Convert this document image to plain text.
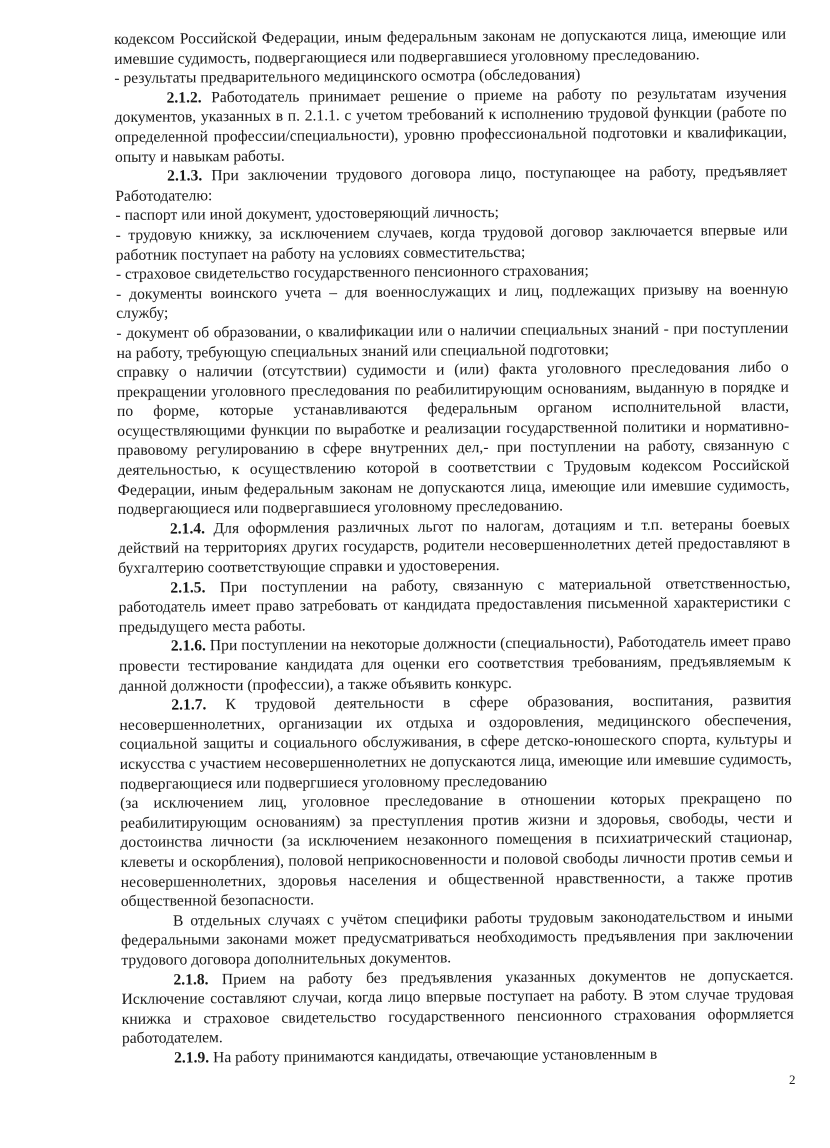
кодексом Российской Федерации, иным федеральным законам не допускаются лица, имеющие или имевшие судимость, подвергающиеся или подвергавшиеся уголовному преследованию.

- результаты предварительного медицинского осмотра (обследования)

2.1.2. Работодатель принимает решение о приеме на работу по результатам изучения документов, указанных в п. 2.1.1. с учетом требований к исполнению трудовой функции (работе по определенной профессии/специальности), уровню профессиональной подготовки и квалификации, опыту и навыкам работы.

2.1.3. При заключении трудового договора лицо, поступающее на работу, предъявляет Работодателю:

- паспорт или иной документ, удостоверяющий личность;

- трудовую книжку, за исключением случаев, когда трудовой договор заключается впервые или работник поступает на работу на условиях совместительства;

- страховое свидетельство государственного пенсионного страхования;

- документы воинского учета – для военнослужащих и лиц, подлежащих призыву на военную службу;

- документ об образовании, о квалификации или о наличии специальных знаний - при поступлении на работу, требующую специальных знаний или специальной подготовки;

справку о наличии (отсутствии) судимости и (или) факта уголовного преследования либо о прекращении уголовного преследования по реабилитирующим основаниям, выданную в порядке и по форме, которые устанавливаются федеральным органом исполнительной власти, осуществляющими функции по выработке и реализации государственной политики и нормативно-правовому регулированию в сфере внутренних дел,- при поступлении на работу, связанную с деятельностью, к осуществлению которой в соответствии с Трудовым кодексом Российской Федерации, иным федеральным законам не допускаются лица, имеющие или имевшие судимость, подвергающиеся или подвергавшиеся уголовному преследованию.

2.1.4. Для оформления различных льгот по налогам, дотациям и т.п. ветераны боевых действий на территориях других государств, родители несовершеннолетних детей предоставляют в бухгалтерию соответствующие справки и удостоверения.

2.1.5. При поступлении на работу, связанную с материальной ответственностью, работодатель имеет право затребовать от кандидата предоставления письменной характеристики с предыдущего места работы.

2.1.6. При поступлении на некоторые должности (специальности), Работодатель имеет право провести тестирование кандидата для оценки его соответствия требованиям, предъявляемым к данной должности (профессии), а также объявить конкурс.

2.1.7. К трудовой деятельности в сфере образования, воспитания, развития несовершеннолетних, организации их отдыха и оздоровления, медицинского обеспечения, социальной защиты и социального обслуживания, в сфере детско-юношеского спорта, культуры и искусства с участием несовершеннолетних не допускаются лица, имеющие или имевшие судимость, подвергающиеся или подвергшиеся уголовному преследованию

(за исключением лиц, уголовное преследование в отношении которых прекращено по реабилитирующим основаниям) за преступления против жизни и здоровья, свободы, чести и достоинства личности (за исключением незаконного помещения в психиатрический стационар, клеветы и оскорбления), половой неприкосновенности и половой свободы личности против семьи и несовершеннолетних, здоровья населения и общественной нравственности, а также против общественной безопасности.

В отдельных случаях с учётом специфики работы трудовым законодательством и иными федеральными законами может предусматриваться необходимость предъявления при заключении трудового договора дополнительных документов.

2.1.8. Прием на работу без предъявления указанных документов не допускается. Исключение составляют случаи, когда лицо впервые поступает на работу. В этом случае трудовая книжка и страховое свидетельство государственного пенсионного страхования оформляется работодателем.

2.1.9. На работу принимаются кандидаты, отвечающие установленным в

2
